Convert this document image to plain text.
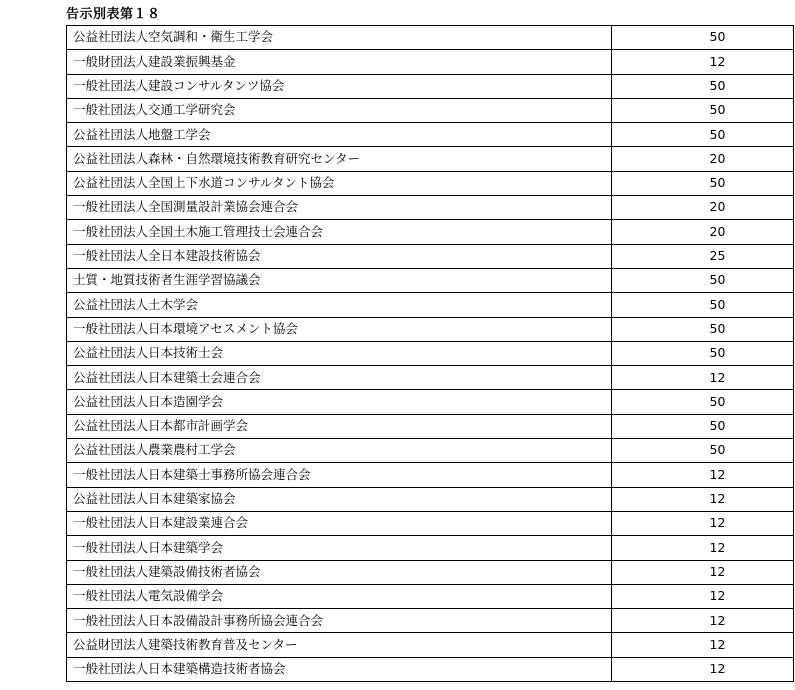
告示別表第１８
公益社団法人空気調和・衛生工学会	50
一般財団法人建設業振興基金	12
一般社団法人建設コンサルタンツ協会	50
一般社団法人交通工学研究会	50
公益社団法人地盤工学会	50
公益社団法人森林・自然環境技術教育研究センター	20
公益社団法人全国上下水道コンサルタント協会	50
一般社団法人全国測量設計業協会連合会	20
一般社団法人全国土木施工管理技士会連合会	20
一般社団法人全日本建設技術協会	25
土質・地質技術者生涯学習協議会	50
公益社団法人土木学会	50
一般社団法人日本環境アセスメント協会	50
公益社団法人日本技術士会	50
公益社団法人日本建築士会連合会	12
公益社団法人日本造園学会	50
公益社団法人日本都市計画学会	50
公益社団法人農業農村工学会	50
一般社団法人日本建築士事務所協会連合会	12
公益社団法人日本建築家協会	12
一般社団法人日本建設業連合会	12
一般社団法人日本建築学会	12
一般社団法人建築設備技術者協会	12
一般社団法人電気設備学会	12
一般社団法人日本設備設計事務所協会連合会	12
公益財団法人建築技術教育普及センター	12
一般社団法人日本建築構造技術者協会	12
